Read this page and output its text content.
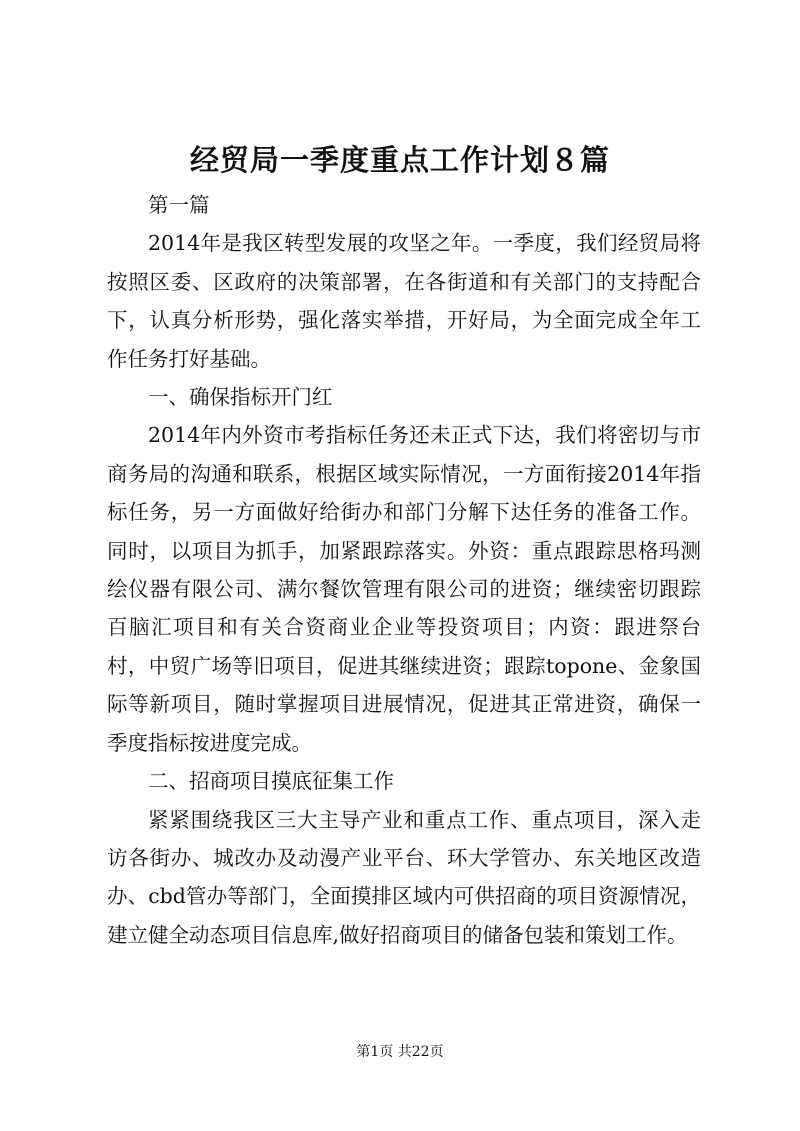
经贸局一季度重点工作计划８篇

第一篇

2014年是我区转型发展的攻坚之年。一季度，我们经贸局将按照区委、区政府的决策部署，在各街道和有关部门的支持配合下，认真分析形势，强化落实举措，开好局，为全面完成全年工作任务打好基础。

一、确保指标开门红

2014年内外资市考指标任务还未正式下达，我们将密切与市商务局的沟通和联系，根据区域实际情况，一方面衔接2014年指标任务，另一方面做好给街办和部门分解下达任务的准备工作。同时，以项目为抓手，加紧跟踪落实。外资：重点跟踪思格玛测绘仪器有限公司、满尔餐饮管理有限公司的进资；继续密切跟踪百脑汇项目和有关合资商业企业等投资项目；内资：跟进祭台村，中贸广场等旧项目，促进其继续进资；跟踪topone、金象国际等新项目，随时掌握项目进展情况，促进其正常进资，确保一季度指标按进度完成。

二、招商项目摸底征集工作

紧紧围绕我区三大主导产业和重点工作、重点项目，深入走访各街办、城改办及动漫产业平台、环大学管办、东关地区改造办、cbd管办等部门，全面摸排区域内可供招商的项目资源情况，建立健全动态项目信息库,做好招商项目的储备包装和策划工作。

第1页 共22页
